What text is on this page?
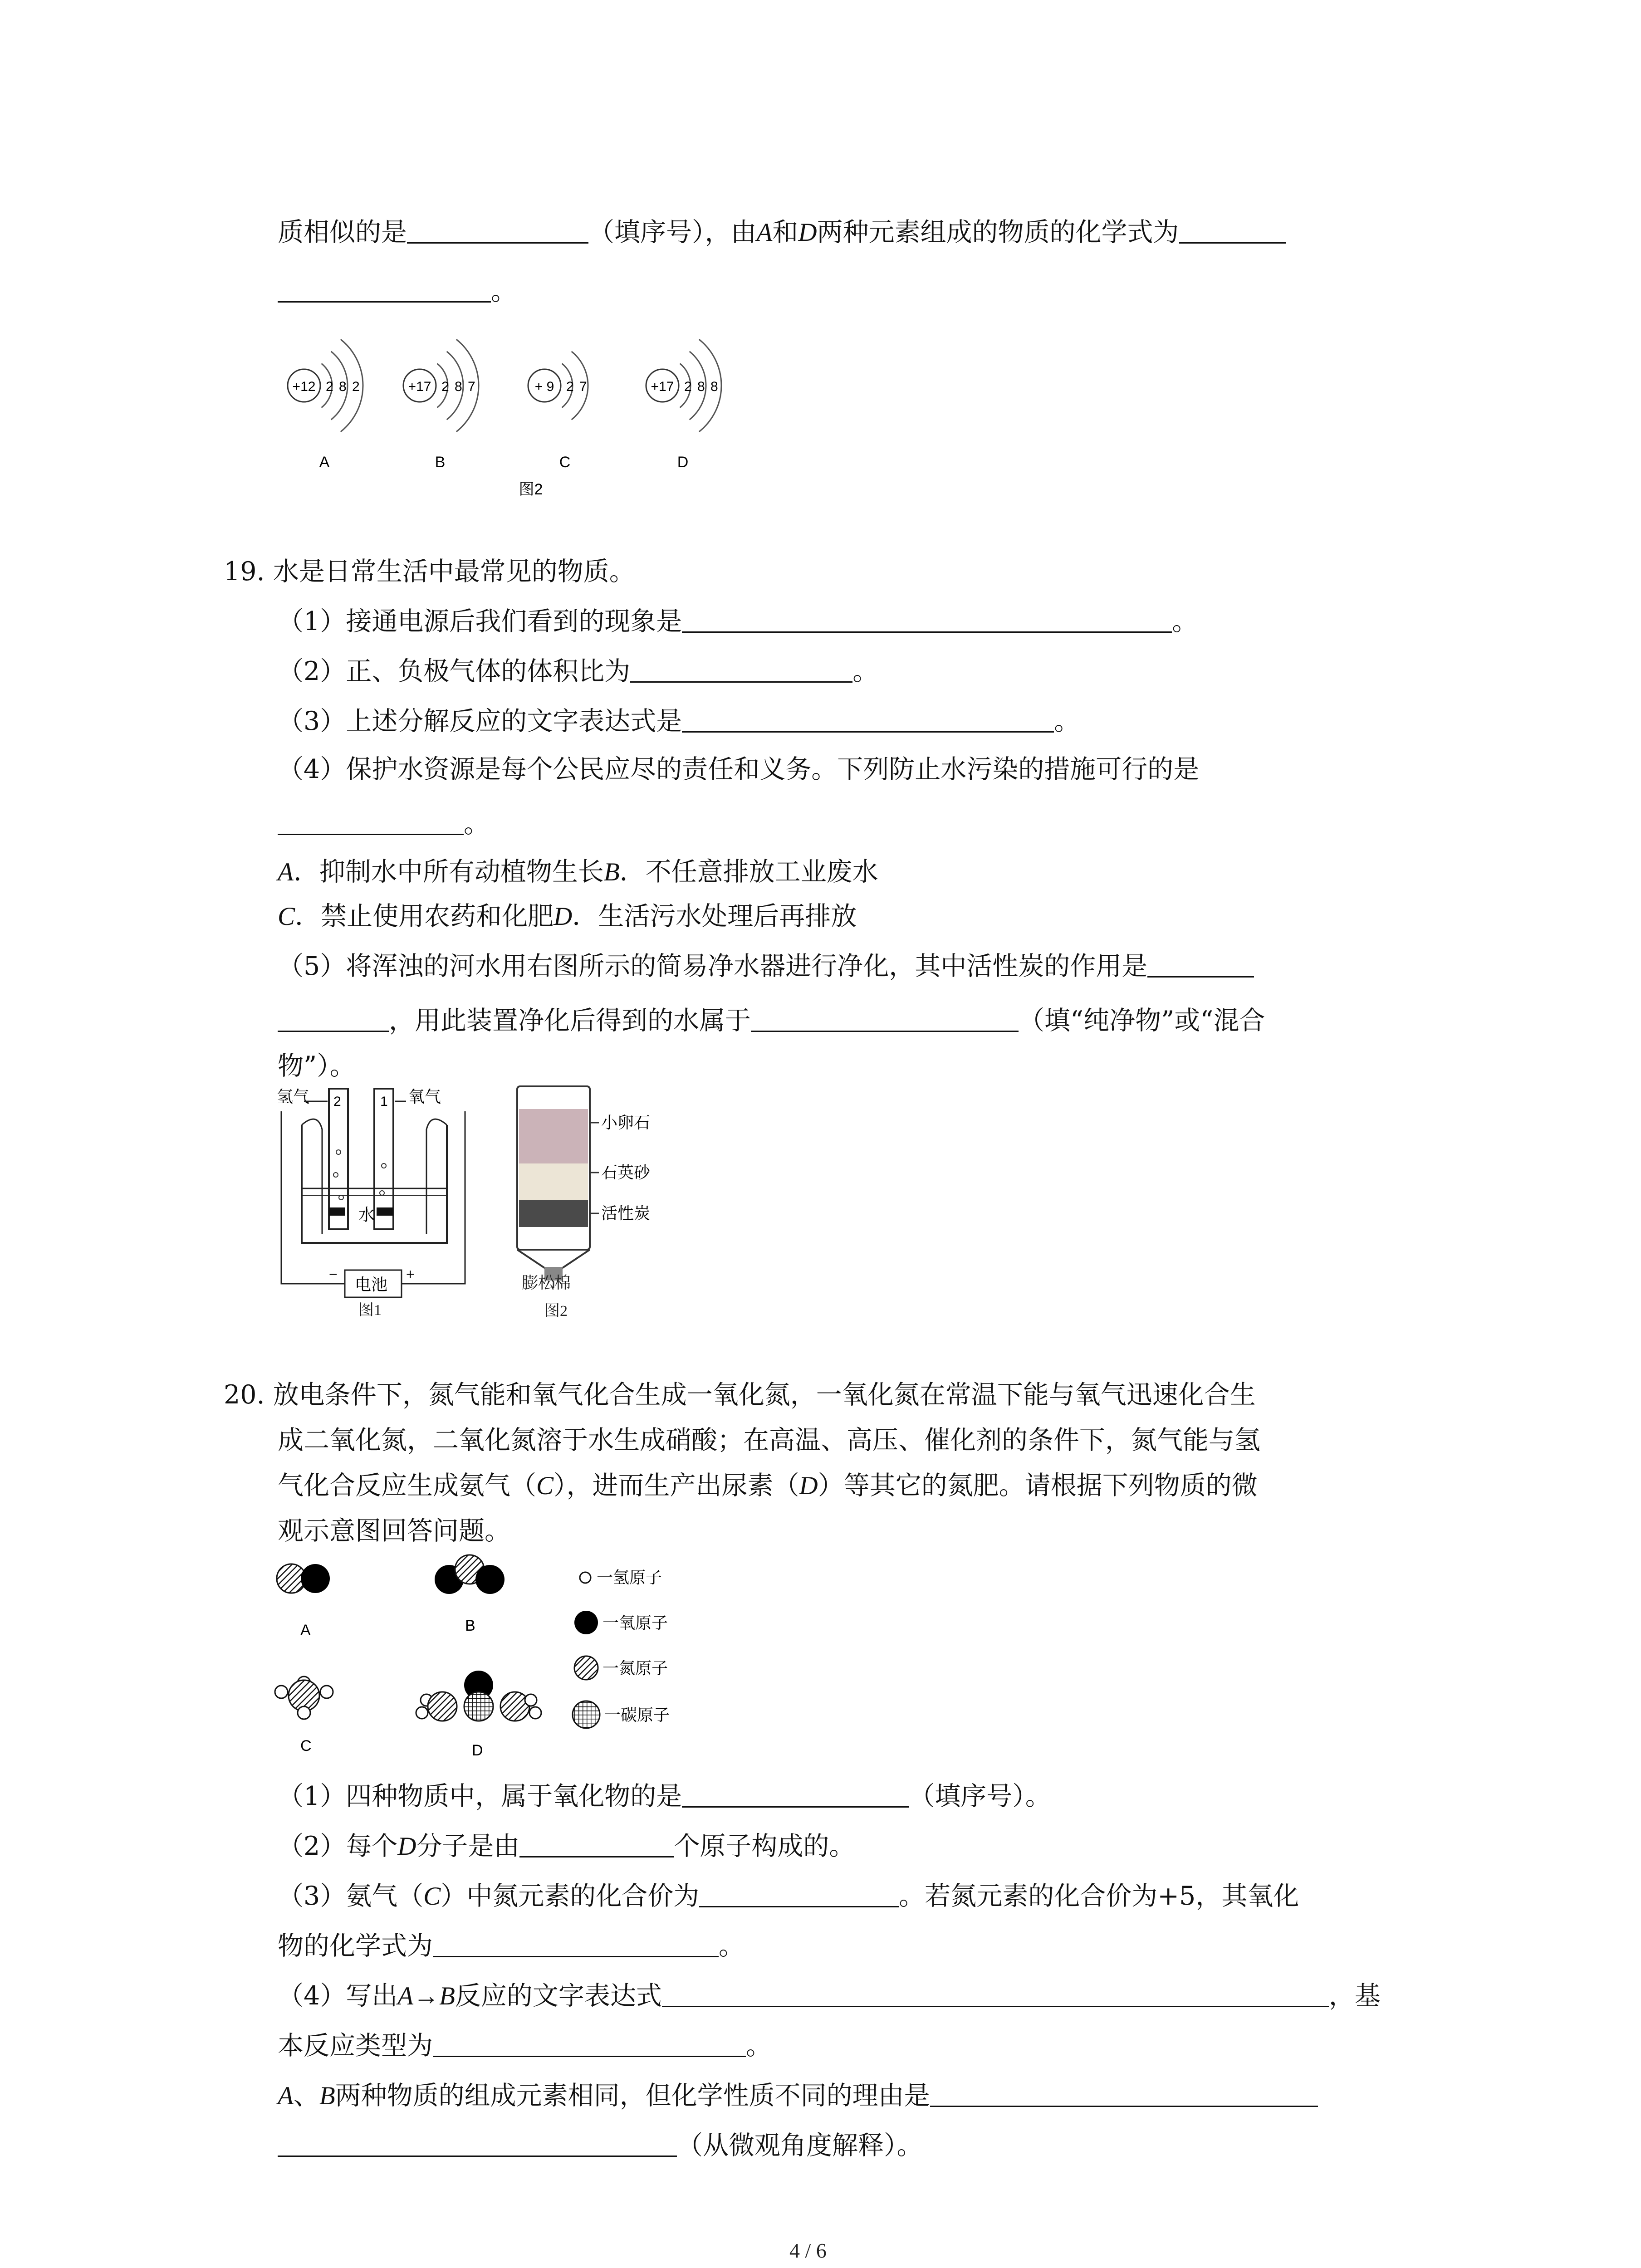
质相似的是	（填序号），由A和D两种元素组成的物质的化学式为
。
+12 2 8 2
A
+17 2 8 7
B
+ 9 2 7
C
+17 2 8 8
D
图2
19. 水是日常生活中最常见的物质。
（1）接通电源后我们看到的现象是	。
（2）正、负极气体的体积比为	。
（3）上述分解反应的文字表达式是	。
（4）保护水资源是每个公民应尽的责任和义务。下列防止水污染的措施可行的是
。
A．抑制水中所有动植物生长B．不任意排放工业废水
C．禁止使用农药和化肥D．生活污水处理后再排放
（5）将浑浊的河水用右图所示的简易净水器进行净化，其中活性炭的作用是
，用此装置净化后得到的水属于	（填“纯净物”或“混合
物”）。
氢气	氧气
2	1
水
电池
−	+
图1
小卵石
石英砂
活性炭
膨松棉
图2
20. 放电条件下，氮气能和氧气化合生成一氧化氮，一氧化氮在常温下能与氧气迅速化合生
成二氧化氮，二氧化氮溶于水生成硝酸；在高温、高压、催化剂的条件下，氮气能与氢
气化合反应生成氨气（C），进而生产出尿素（D）等其它的氮肥。请根据下列物质的微
观示意图回答问题。
A	B
C	D
一氢原子
一氧原子
一氮原子
一碳原子
（1）四种物质中，属于氧化物的是	（填序号）。
（2）每个D分子是由	个原子构成的。
（3）氨气（C）中氮元素的化合价为	。若氮元素的化合价为+5，其氧化
物的化学式为	。
（4）写出A→B反应的文字表达式	，基
本反应类型为	。
A、B两种物质的组成元素相同，但化学性质不同的理由是
（从微观角度解释）。
4 / 6
